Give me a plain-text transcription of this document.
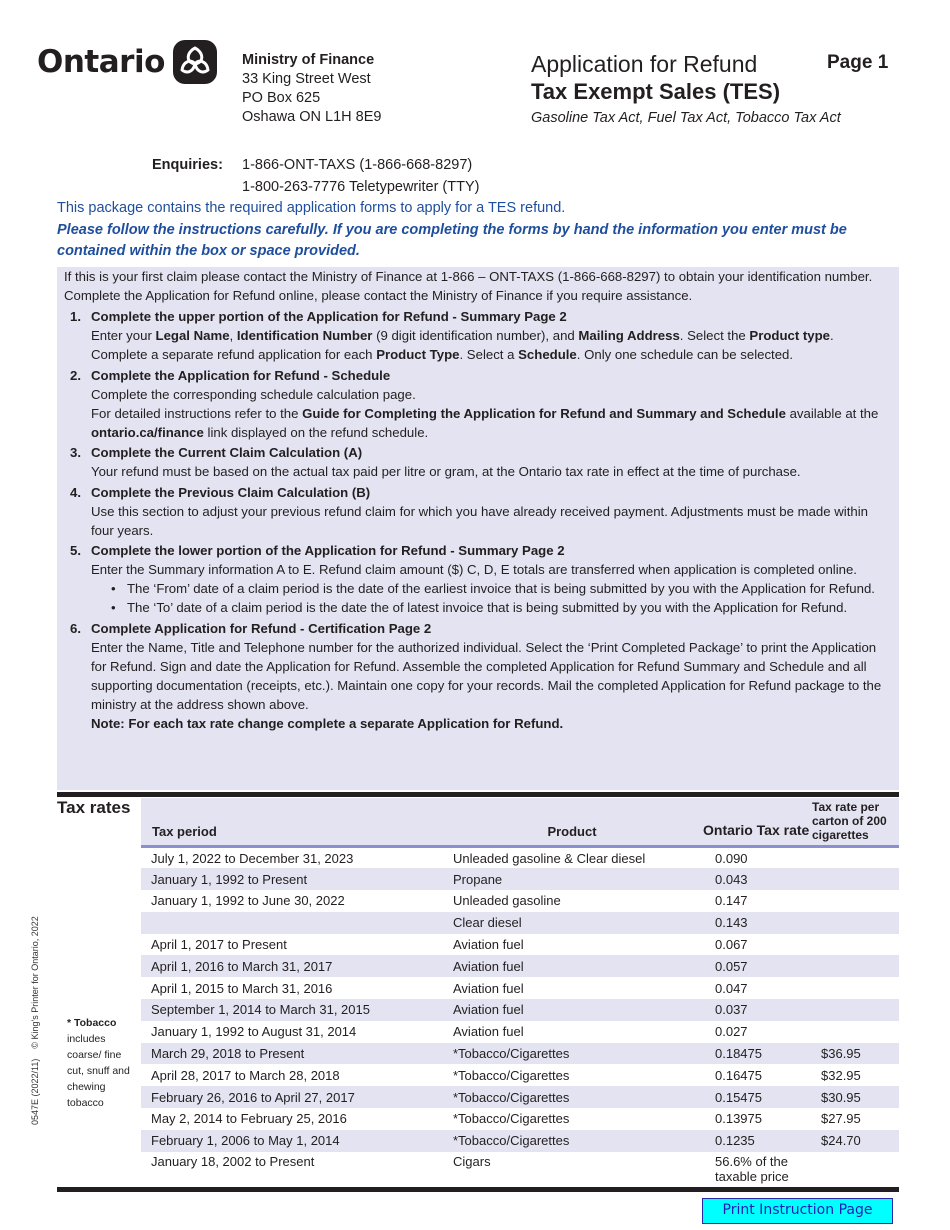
Ontario	Ministry of Finance
33 King Street West
PO Box 625
Oshawa ON L1H 8E9
Application for Refund
Tax Exempt Sales (TES)
Gasoline Tax Act, Fuel Tax Act, Tobacco Tax Act
Page 1
Enquiries: 1-866-ONT-TAXS (1-866-668-8297)
1-800-263-7776 Teletypewriter (TTY)
This package contains the required application forms to apply for a TES refund.
Please follow the instructions carefully. If you are completing the forms by hand the information you enter must be contained within the box or space provided.

If this is your first claim please contact the Ministry of Finance at 1-866 – ONT-TAXS (1-866-668-8297) to obtain your identification number. Complete the Application for Refund online, please contact the Ministry of Finance if you require assistance.

1. Complete the upper portion of the Application for Refund - Summary Page 2
Enter your Legal Name, Identification Number (9 digit identification number), and Mailing Address. Select the Product type.
Complete a separate refund application for each Product Type. Select a Schedule. Only one schedule can be selected.
2. Complete the Application for Refund - Schedule
Complete the corresponding schedule calculation page.
For detailed instructions refer to the Guide for Completing the Application for Refund and Summary and Schedule available at the ontario.ca/finance link displayed on the refund schedule.
3. Complete the Current Claim Calculation (A)
Your refund must be based on the actual tax paid per litre or gram, at the Ontario tax rate in effect at the time of purchase.
4. Complete the Previous Claim Calculation (B)
Use this section to adjust your previous refund claim for which you have already received payment. Adjustments must be made within four years.
5. Complete the lower portion of the Application for Refund - Summary Page 2
Enter the Summary information A to E. Refund claim amount ($) C, D, E totals are transferred when application is completed online.
• The ‘From’ date of a claim period is the date of the earliest invoice that is being submitted by you with the Application for Refund.
• The ‘To’ date of a claim period is the date the of latest invoice that is being submitted by you with the Application for Refund.
6. Complete Application for Refund - Certification Page 2
Enter the Name, Title and Telephone number for the authorized individual. Select the ‘Print Completed Package’ to print the Application for Refund. Sign and date the Application for Refund. Assemble the completed Application for Refund Summary and Schedule and all supporting documentation (receipts, etc.). Maintain one copy for your records. Mail the completed Application for Refund package to the ministry at the address shown above.
Note: For each tax rate change complete a separate Application for Refund.
Tax rates
* Tobacco includes coarse/ fine cut, snuff and chewing tobacco
0547E (2022/11)    © King's Printer for Ontario, 2022
Tax period	Product	Ontario Tax rate	Tax rate per carton of 200 cigarettes
July 1, 2022 to December 31, 2023	Unleaded gasoline & Clear diesel	0.090	
January 1, 1992 to Present	Propane	0.043	
January 1, 1992 to June 30, 2022	Unleaded gasoline	0.147	
	Clear diesel	0.143	
April 1, 2017 to Present	Aviation fuel	0.067	
April 1, 2016 to March 31, 2017	Aviation fuel	0.057	
April 1, 2015 to March 31, 2016	Aviation fuel	0.047	
September 1, 2014 to March 31, 2015	Aviation fuel	0.037	
January 1, 1992 to August 31, 2014	Aviation fuel	0.027	
March 29, 2018 to Present	*Tobacco/Cigarettes	0.18475	$36.95
April 28, 2017 to March 28, 2018	*Tobacco/Cigarettes	0.16475	$32.95
February 26, 2016 to April 27, 2017	*Tobacco/Cigarettes	0.15475	$30.95
May 2, 2014 to February 25, 2016	*Tobacco/Cigarettes	0.13975	$27.95
February 1, 2006 to May 1, 2014	*Tobacco/Cigarettes	0.1235	$24.70
January 18, 2002 to Present	Cigars	56.6% of the taxable price	
Print Instruction Page
